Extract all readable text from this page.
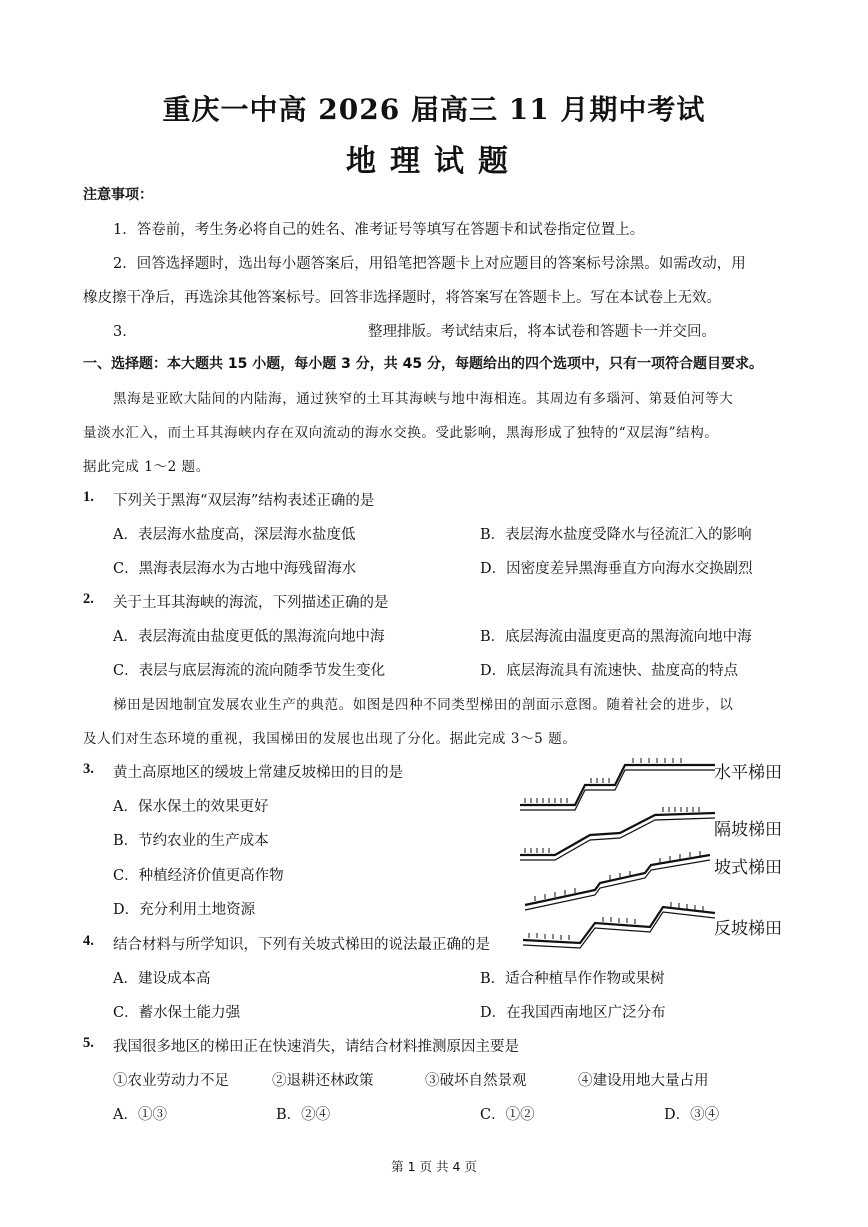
重庆一中高 2026 届高三 11 月期中考试
地理试题
注意事项：
1．答卷前，考生务必将自己的姓名、准考证号等填写在答题卡和试卷指定位置上。
2．回答选择题时，选出每小题答案后，用铅笔把答题卡上对应题目的答案标号涂黑。如需改动，用
橡皮擦干净后，再选涂其他答案标号。回答非选择题时，将答案写在答题卡上。写在本试卷上无效。
3．	整理排版。考试结束后，将本试卷和答题卡一并交回。
一、选择题：本大题共 15 小题，每小题 3 分，共 45 分，每题给出的四个选项中，只有一项符合题目要求。
黑海是亚欧大陆间的内陆海，通过狭窄的土耳其海峡与地中海相连。其周边有多瑙河、第聂伯河等大
量淡水汇入，而土耳其海峡内存在双向流动的海水交换。受此影响，黑海形成了独特的“双层海”结构。
据此完成 1～2 题。
1. 下列关于黑海“双层海”结构表述正确的是
A．表层海水盐度高，深层海水盐度低	B．表层海水盐度受降水与径流汇入的影响
C．黑海表层海水为古地中海残留海水	D．因密度差异黑海垂直方向海水交换剧烈
2. 关于土耳其海峡的海流，下列描述正确的是
A．表层海流由盐度更低的黑海流向地中海	B．底层海流由温度更高的黑海流向地中海
C．表层与底层海流的流向随季节发生变化	D．底层海流具有流速快、盐度高的特点
梯田是因地制宜发展农业生产的典范。如图是四种不同类型梯田的剖面示意图。随着社会的进步，以
及人们对生态环境的重视，我国梯田的发展也出现了分化。据此完成 3～5 题。
3. 黄土高原地区的缓坡上常建反坡梯田的目的是
A．保水保土的效果更好
B．节约农业的生产成本
C．种植经济价值更高作物
D．充分利用土地资源
水平梯田
隔坡梯田
坡式梯田
反坡梯田
4. 结合材料与所学知识，下列有关坡式梯田的说法最正确的是
A．建设成本高	B．适合种植旱作作物或果树
C．蓄水保土能力强	D．在我国西南地区广泛分布
5. 我国很多地区的梯田正在快速消失，请结合材料推测原因主要是
①农业劳动力不足	②退耕还林政策	③破坏自然景观	④建设用地大量占用
A．①③	B．②④	C．①②	D．③④
第 1 页 共 4 页
